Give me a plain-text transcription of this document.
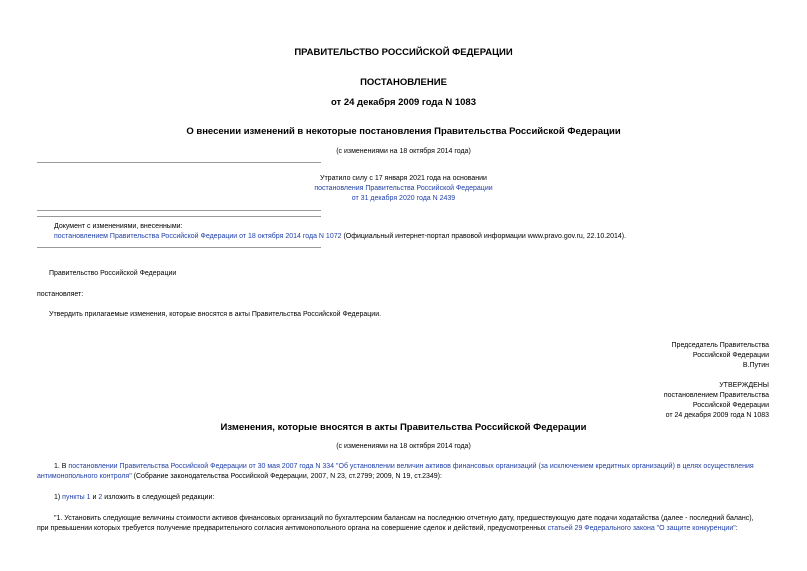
ПРАВИТЕЛЬСТВО РОССИЙСКОЙ ФЕДЕРАЦИИ
ПОСТАНОВЛЕНИЕ
от 24 декабря 2009 года N 1083
О внесении изменений в некоторые постановления Правительства Российской Федерации
(с изменениями на 18 октября 2014 года)
Утратило силу с 17 января 2021 года на основании
постановления Правительства Российской Федерации
от 31 декабря 2020 года N 2439
Документ с изменениями, внесенными:
постановлением Правительства Российской Федерации от 18 октября 2014 года N 1072 (Официальный интернет-портал правовой информации www.pravo.gov.ru, 22.10.2014).
Правительство Российской Федерации
постановляет:
Утвердить прилагаемые изменения, которые вносятся в акты Правительства Российской Федерации.
Председатель Правительства
Российской Федерации
В.Путин
УТВЕРЖДЕНЫ
постановлением Правительства
Российской Федерации
от 24 декабря 2009 года N 1083
Изменения, которые вносятся в акты Правительства Российской Федерации
(с изменениями на 18 октября 2014 года)
1. В постановлении Правительства Российской Федерации от 30 мая 2007 года N 334 "Об установлении величин активов финансовых организаций (за исключением кредитных организаций) в целях осуществления
антимонопольного контроля" (Собрание законодательства Российской Федерации, 2007, N 23, ст.2799; 2009, N 19, ст.2349):
1) пункты 1 и 2 изложить в следующей редакции:
"1. Установить следующие величины стоимости активов финансовых организаций по бухгалтерским балансам на последнюю отчетную дату, предшествующую дате подачи ходатайства (далее - последний баланс),
при превышении которых требуется получение предварительного согласия антимонопольного органа на совершение сделок и действий, предусмотренных статьей 29 Федерального закона "О защите конкуренции":
